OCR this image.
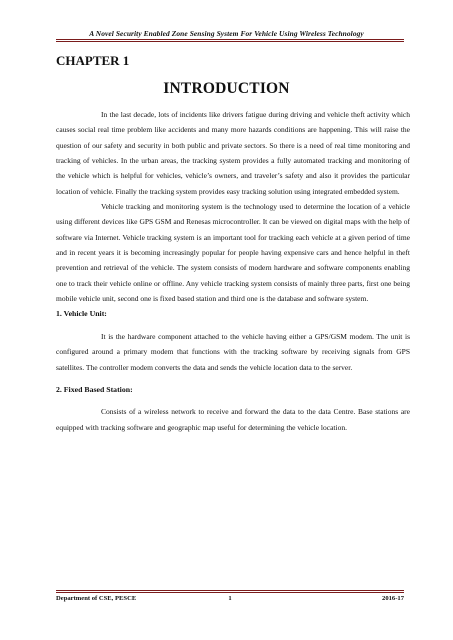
A Novel Security Enabled Zone Sensing System For Vehicle Using Wireless Technology
CHAPTER 1
INTRODUCTION

In the last decade, lots of incidents like drivers fatigue during driving and vehicle theft activity which causes social real time problem like accidents and many more hazards conditions are happening. This will raise the question of our safety and security in both public and private sectors. So there is a need of real time monitoring and tracking of vehicles. In the urban areas, the tracking system provides a fully automated tracking and monitoring of the vehicle which is helpful for vehicles, vehicle’s owners, and traveler’s safety and also it provides the particular location of vehicle. Finally the tracking system provides easy tracking solution using integrated embedded system.

Vehicle tracking and monitoring system is the technology used to determine the location of a vehicle using different devices like GPS GSM and Renesas microcontroller. It can be viewed on digital maps with the help of software via Internet. Vehicle tracking system is an important tool for tracking each vehicle at a given period of time and in recent years it is becoming increasingly popular for people having expensive cars and hence helpful in theft prevention and retrieval of the vehicle. The system consists of modern hardware and software components enabling one to track their vehicle online or offline. Any vehicle tracking system consists of mainly three parts, first one being mobile vehicle unit, second one is fixed based station and third one is the database and software system.

1. Vehicle Unit:

It is the hardware component attached to the vehicle having either a GPS/GSM modem. The unit is configured around a primary modem that functions with the tracking software by receiving signals from GPS satellites. The controller modem converts the data and sends the vehicle location data to the server.

2. Fixed Based Station:

Consists of a wireless network to receive and forward the data to the data Centre. Base stations are equipped with tracking software and geographic map useful for determining the vehicle location.

Department of CSE, PESCE	1	2016-17
